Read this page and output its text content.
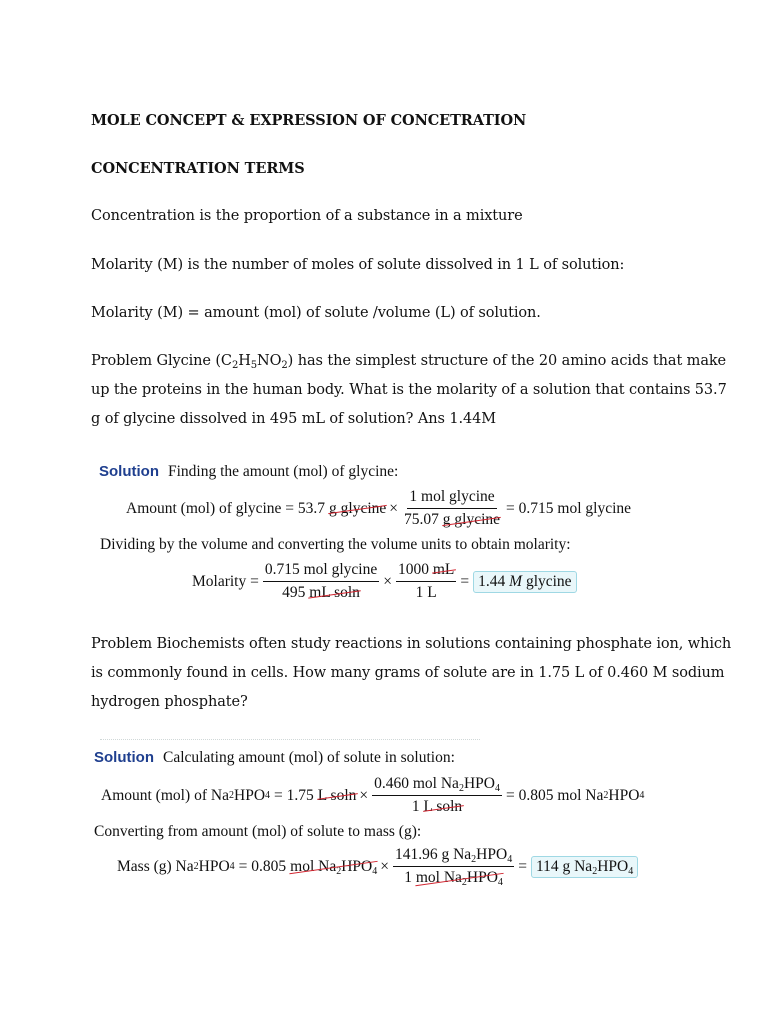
MOLE CONCEPT & EXPRESSION OF CONCETRATION
CONCENTRATION TERMS
Concentration is the proportion of a substance in a mixture
Molarity (M) is the number of moles of solute dissolved in 1 L of solution:
Molarity (M) = amount (mol) of solute /volume (L) of solution.
Problem Glycine $(C_2H_5NO_2)$ has the simplest structure of the 20 amino acids that make
up the proteins in the human body. What is the molarity of a solution that contains 53.7
g of glycine dissolved in 495 mL of solution? Ans 1.44M
Solution Finding the amount (mol) of glycine:
Amount (mol) of glycine = 53.7 g glycine × $\frac{\text{1 mol glycine}}{\text{75.07 g glycine}} = 0.715$ mol glycine
Dividing by the volume and converting the volume units to obtain molarity:
Molarity = $\frac{\text{0.715 mol glycine}}{\text{495 mL soln}} \times \frac{1000 mL}{1 L} = 1.44$ M glycine
Problem Biochemists often study reactions in solutions containing phosphate ion, which
is commonly found in cells. How many grams of solute are in 1.75 L of 0.460 M sodium
hydrogen phosphate?
Solution Calculating amount (mol) of solute in solution:
Amount (mol) of Na 2 HPO 4 = 1.75 L $soln \times \frac{0.460 mol Na_2HPO_4}{\text{1 L soln}} = 0.805$ mol Na 2 HPO 4
Converting from amount (mol) of solute to mass (g):
Mass (g) Na 2 HPO 4 = 0.805 mol $Na_2HPO_4 \times \frac{141.96 g Na_2HPO_4}{1 mol Na_2HPO_4} = 114$ g $Na_2HPO_4$
